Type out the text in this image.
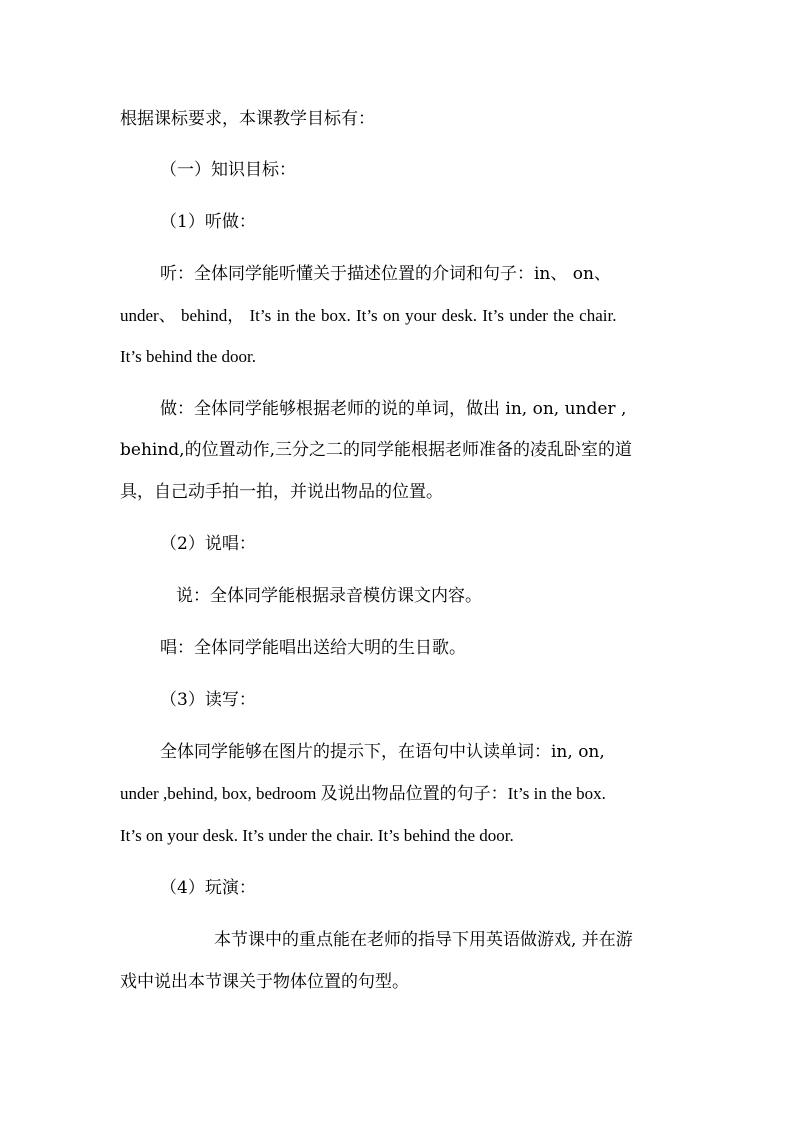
根据课标要求，本课教学目标有：
（一）知识目标：
（1）听做：
听：全体同学能听懂关于描述位置的介词和句子：in、 on、
under、 behind， It’s in the box. It’s on your desk. It’s under the chair.
It’s behind the door.
做：全体同学能够根据老师的说的单词，做出 in, on, under ,
behind,的位置动作,三分之二的同学能根据老师准备的凌乱卧室的道
具，自己动手拍一拍，并说出物品的位置。
（2）说唱：
说：全体同学能根据录音模仿课文内容。
唱：全体同学能唱出送给大明的生日歌。
（3）读写：
全体同学能够在图片的提示下，在语句中认读单词：in, on,
under ,behind, box, bedroom 及说出物品位置的句子：It’s in the box.
It’s on your desk. It’s under the chair. It’s behind the door.
（4）玩演：
本节课中的重点能在老师的指导下用英语做游戏, 并在游
戏中说出本节课关于物体位置的句型。
